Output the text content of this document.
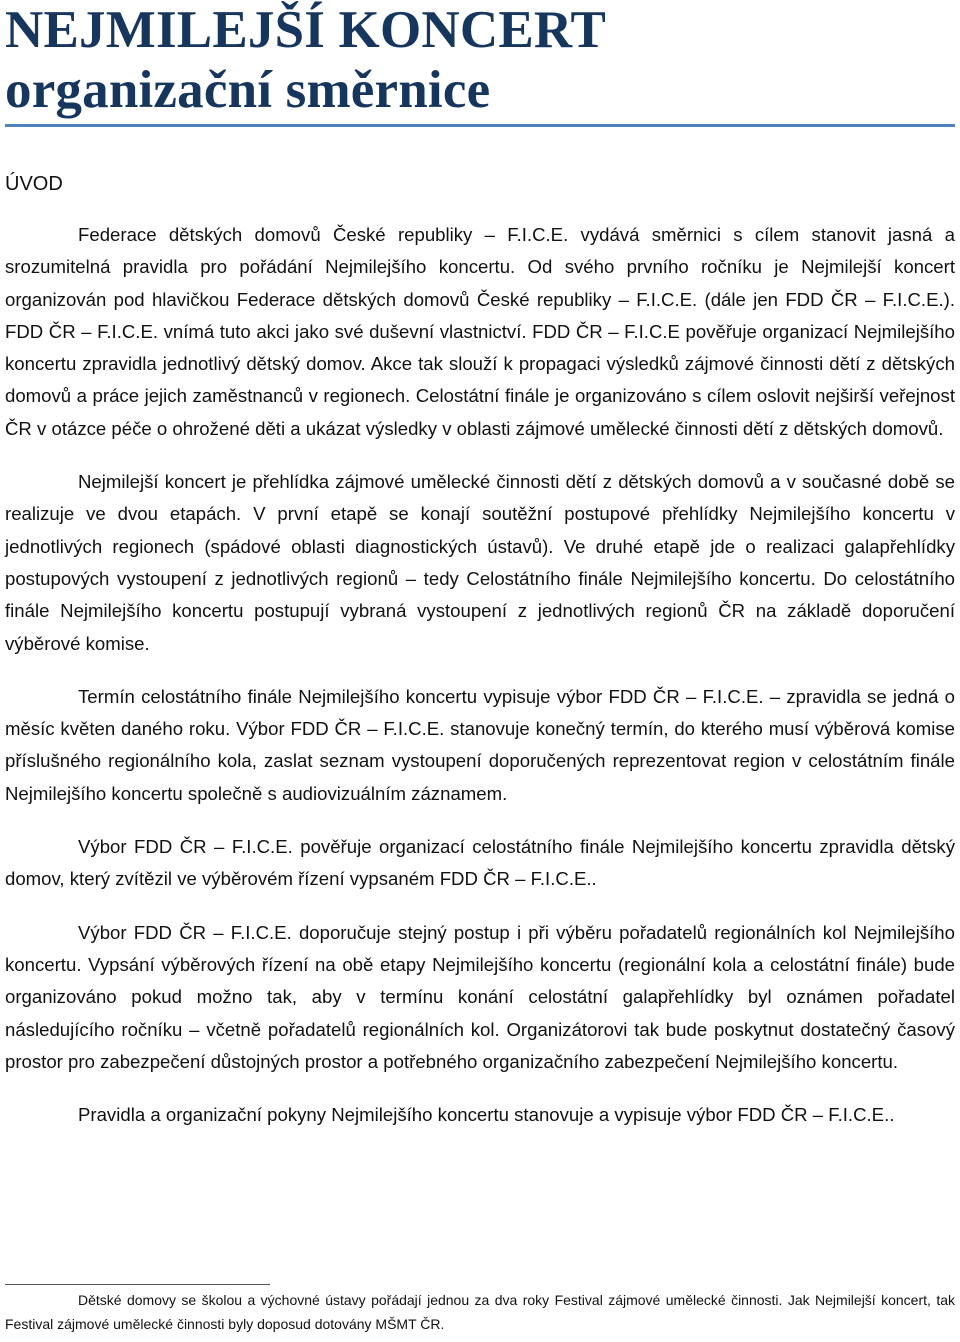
NEJMILEJŠÍ KONCERT
organizační směrnice
ÚVOD

Federace dětských domovů České republiky – F.I.C.E. vydává směrnici s cílem stanovit jasná a srozumitelná pravidla pro pořádání Nejmilejšího koncertu. Od svého prvního ročníku je Nejmilejší koncert organizován pod hlavičkou Federace dětských domovů České republiky – F.I.C.E. (dále jen FDD ČR – F.I.C.E.). FDD ČR – F.I.C.E. vnímá tuto akci jako své duševní vlastnictví. FDD ČR – F.I.C.E pověřuje organizací Nejmilejšího koncertu zpravidla jednotlivý dětský domov. Akce tak slouží k propagaci výsledků zájmové činnosti dětí z dětských domovů a práce jejich zaměstnanců v regionech. Celostátní finále je organizováno s cílem oslovit nejširší veřejnost ČR v otázce péče o ohrožené děti a ukázat výsledky v oblasti zájmové umělecké činnosti dětí z dětských domovů.

Nejmilejší koncert je přehlídka zájmové umělecké činnosti dětí z dětských domovů a v současné době se realizuje ve dvou etapách. V první etapě se konají soutěžní postupové přehlídky Nejmilejšího koncertu v jednotlivých regionech (spádové oblasti diagnostických ústavů). Ve druhé etapě jde o realizaci galapřehlídky postupových vystoupení z jednotlivých regionů – tedy Celostátního finále Nejmilejšího koncertu. Do celostátního finále Nejmilejšího koncertu postupují vybraná vystoupení z jednotlivých regionů ČR na základě doporučení výběrové komise.

Termín celostátního finále Nejmilejšího koncertu vypisuje výbor FDD ČR – F.I.C.E. – zpravidla se jedná o měsíc květen daného roku. Výbor FDD ČR – F.I.C.E. stanovuje konečný termín, do kterého musí výběrová komise příslušného regionálního kola, zaslat seznam vystoupení doporučených reprezentovat region v celostátním finále Nejmilejšího koncertu společně s audiovizuálním záznamem.

Výbor FDD ČR – F.I.C.E. pověřuje organizací celostátního finále Nejmilejšího koncertu zpravidla dětský domov, který zvítězil ve výběrovém řízení vypsaném FDD ČR – F.I.C.E..

Výbor FDD ČR – F.I.C.E. doporučuje stejný postup i při výběru pořadatelů regionálních kol Nejmilejšího koncertu. Vypsání výběrových řízení na obě etapy Nejmilejšího koncertu (regionální kola a celostátní finále) bude organizováno pokud možno tak, aby v termínu konání celostátní galapřehlídky byl oznámen pořadatel následujícího ročníku – včetně pořadatelů regionálních kol. Organizátorovi tak bude poskytnut dostatečný časový prostor pro zabezpečení důstojných prostor a potřebného organizačního zabezpečení Nejmilejšího koncertu.

Pravidla a organizační pokyny Nejmilejšího koncertu stanovuje a vypisuje výbor FDD ČR – F.I.C.E..

Dětské domovy se školou a výchovné ústavy pořádají jednou za dva roky Festival zájmové umělecké činnosti. Jak Nejmilejší koncert, tak Festival zájmové umělecké činnosti byly doposud dotovány MŠMT ČR.
